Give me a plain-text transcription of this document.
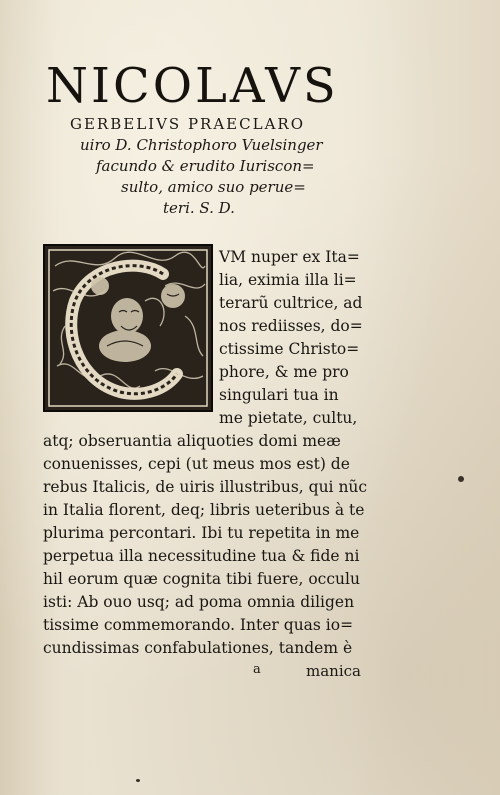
NICOLAVS
GERBELIVS PRAECLARO
uiro D. Christophoro Vuelsinger
facundo & erudito Iuriscon=
sulto, amico suo perue=
teri. S. D.
VM nuper ex Ita=
lia, eximia illa li=
terarũ cultrice, ad
nos rediisses, do=
ctissime Christo=
phore, & me pro
singulari tua in
me pietate, cultu,
atq; obseruantia aliquoties domi meæ
conuenisses, cepi (ut meus mos est) de
rebus Italicis, de uiris illustribus, qui nũc
in Italia florent, deq; libris ueteribus à te
plurima percontari. Ibi tu repetita in me
perpetua illa necessitudine tua & fide ni
hil eorum quæ cognita tibi fuere, occulu
isti: Ab ouo usq; ad poma omnia diligen
tissime commemorando. Inter quas io=
cundissimas confabulationes, tandem è
a	manica
